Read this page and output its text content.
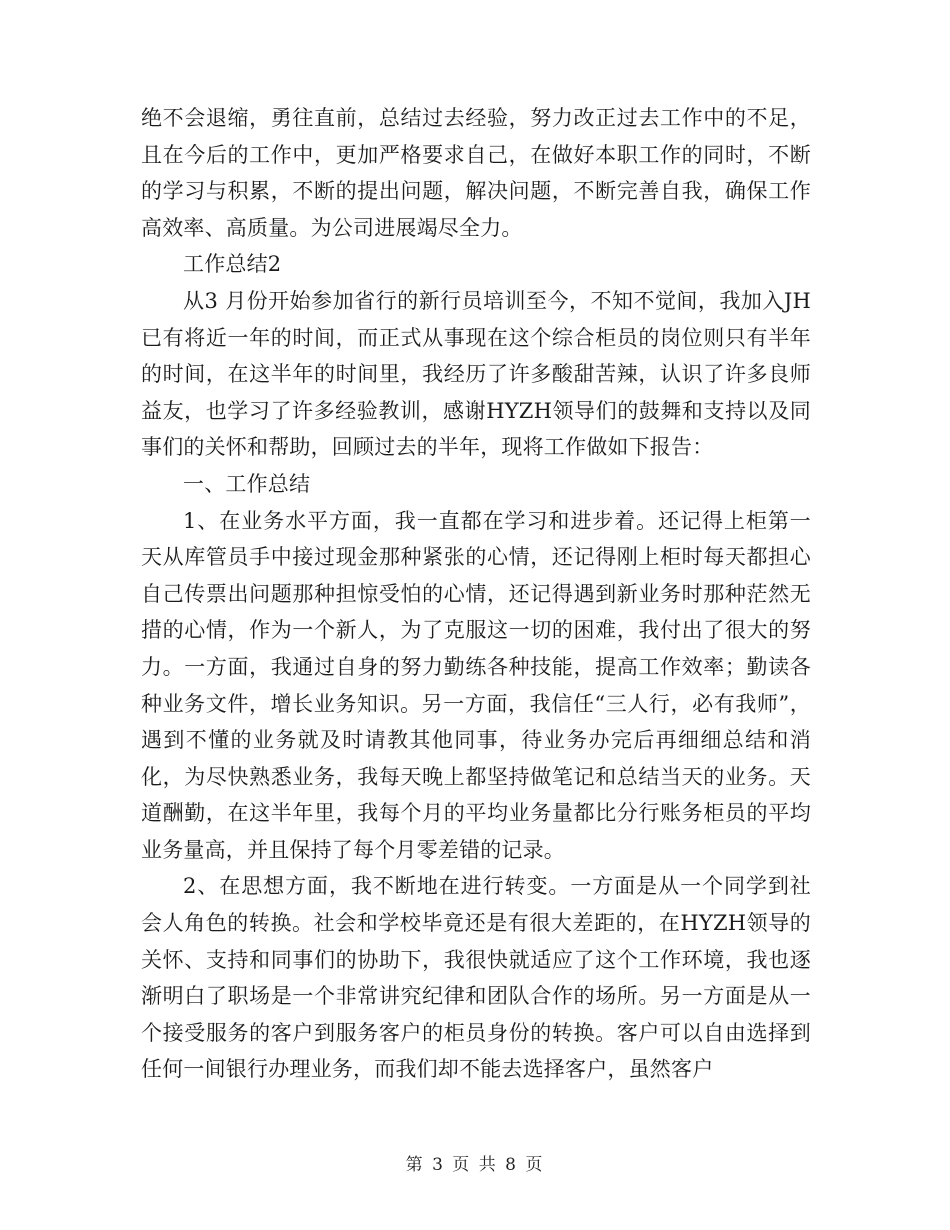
绝不会退缩，勇往直前，总结过去经验，努力改正过去工作中的不足，且在今后的工作中，更加严格要求自己，在做好本职工作的同时，不断的学习与积累，不断的提出问题，解决问题，不断完善自我，确保工作高效率、高质量。为公司进展竭尽全力。

工作总结2

从3 月份开始参加省行的新行员培训至今，不知不觉间，我加入JH已有将近一年的时间，而正式从事现在这个综合柜员的岗位则只有半年的时间，在这半年的时间里，我经历了许多酸甜苦辣，认识了许多良师益友，也学习了许多经验教训，感谢HYZH领导们的鼓舞和支持以及同事们的关怀和帮助，回顾过去的半年，现将工作做如下报告：

一、工作总结

1、在业务水平方面，我一直都在学习和进步着。还记得上柜第一天从库管员手中接过现金那种紧张的心情，还记得刚上柜时每天都担心自己传票出问题那种担惊受怕的心情，还记得遇到新业务时那种茫然无措的心情，作为一个新人，为了克服这一切的困难，我付出了很大的努力。一方面，我通过自身的努力勤练各种技能，提高工作效率；勤读各种业务文件，增长业务知识。另一方面，我信任“三人行，必有我师”，遇到不懂的业务就及时请教其他同事，待业务办完后再细细总结和消化，为尽快熟悉业务，我每天晚上都坚持做笔记和总结当天的业务。天道酬勤，在这半年里，我每个月的平均业务量都比分行账务柜员的平均业务量高，并且保持了每个月零差错的记录。

2、在思想方面，我不断地在进行转变。一方面是从一个同学到社会人角色的转换。社会和学校毕竟还是有很大差距的，在HYZH领导的关怀、支持和同事们的协助下，我很快就适应了这个工作环境，我也逐渐明白了职场是一个非常讲究纪律和团队合作的场所。另一方面是从一个接受服务的客户到服务客户的柜员身份的转换。客户可以自由选择到任何一间银行办理业务，而我们却不能去选择客户，虽然客户

第 3 页 共 8 页
